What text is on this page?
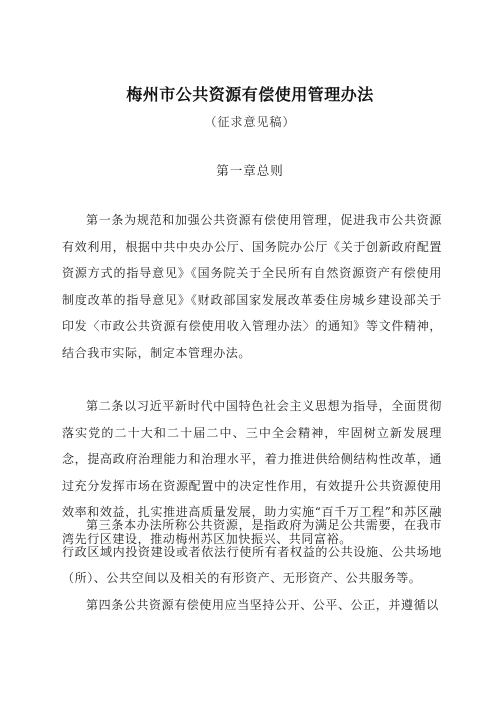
梅州市公共资源有偿使用管理办法
（征求意见稿）
第一章总则

第一条为规范和加强公共资源有偿使用管理，促进我市公共资源有效利用，根据中共中央办公厅、国务院办公厅《关于创新政府配置资源方式的指导意见》《国务院关于全民所有自然资源资产有偿使用制度改革的指导意见》《财政部国家发展改革委住房城乡建设部关于印发〈市政公共资源有偿使用收入管理办法〉的通知》等文件精神，结合我市实际，制定本管理办法。

第二条以习近平新时代中国特色社会主义思想为指导，全面贯彻落实党的二十大和二十届二中、三中全会精神，牢固树立新发展理念，提高政府治理能力和治理水平，着力推进供给侧结构性改革，通过充分发挥市场在资源配置中的决定性作用，有效提升公共资源使用效率和效益，扎实推进高质量发展，助力实施“百千万工程”和苏区融湾先行区建设，推动梅州苏区加快振兴、共同富裕。

第三条本办法所称公共资源，是指政府为满足公共需要，在我市行政区域内投资建设或者依法行使所有者权益的公共设施、公共场地（所）、公共空间以及相关的有形资产、无形资产、公共服务等。

第四条公共资源有偿使用应当坚持公开、公平、公正，并遵循以
